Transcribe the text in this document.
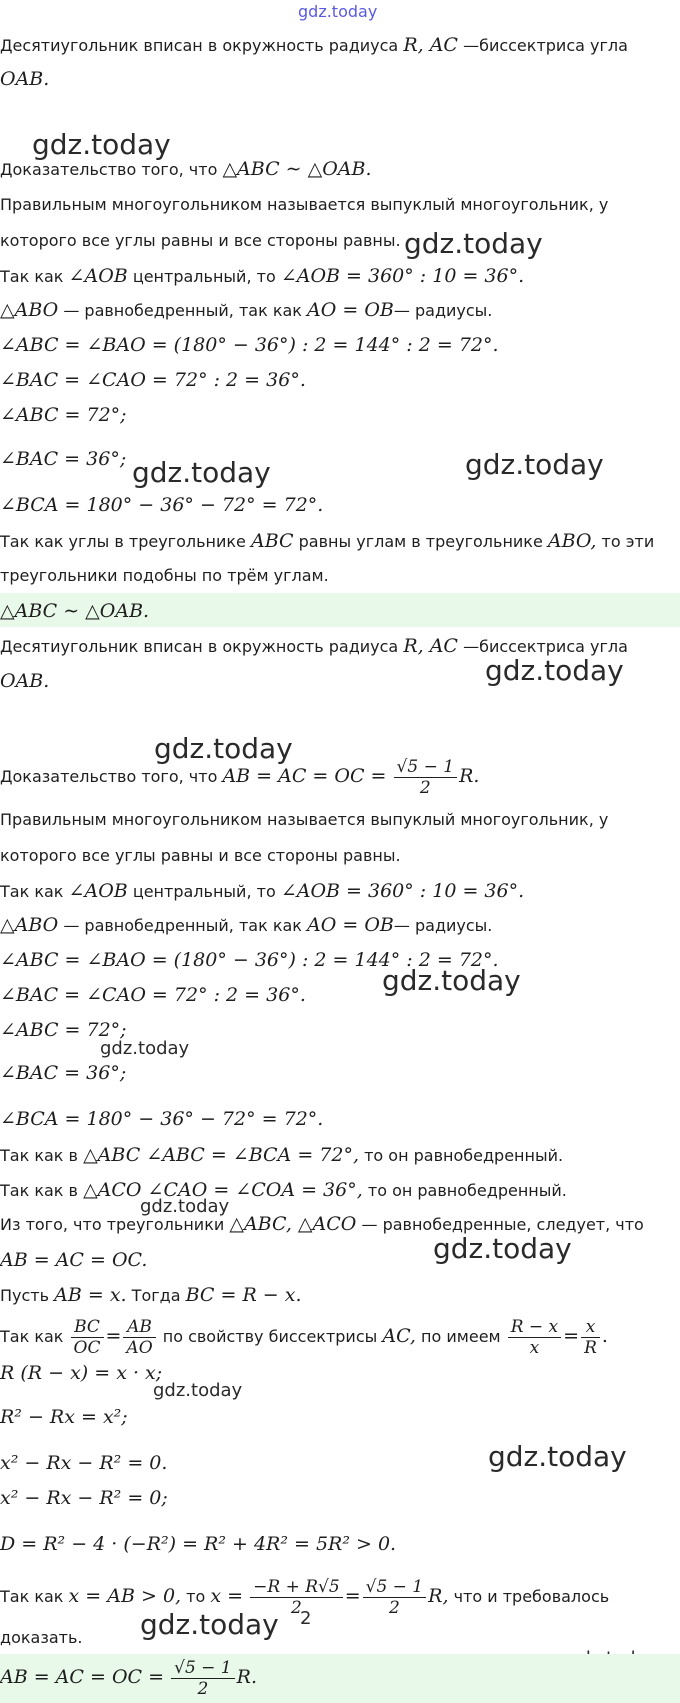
gdz.today
gdz.today
gdz.today
gdz.today	gdz.today
gdz.today
gdz.today
gdz.today
gdz.today
gdz.today
gdz.today
gdz.today
gdz.today
gdz.today 2
Десятиугольник вписан в окружность радиуса R, AC —биссектриса угла
OAB.
Доказательство того, что △ABC ∼ △OAB.
Правильным многоугольником называется выпуклый многоугольник, у
которого все углы равны и все стороны равны.
Так как ∠AOB центральный, то ∠AOB = 360° : 10 = 36°.
△ABO — равнобедренный, так как AO = OB— радиусы.
∠ABC = ∠BAO = (180° − 36°) : 2 = 144° : 2 = 72°.
∠BAC = ∠CAO = 72° : 2 = 36°.
∠ABC = 72°;
∠BAC = 36°;
∠BCA = 180° − 36° − 72° = 72°.
Так как углы в треугольнике ABC равны углам в треугольнике ABO, то эти
треугольники подобны по трём углам.
△ABC ∼ △OAB.
Десятиугольник вписан в окружность радиуса R, AC —биссектриса угла
OAB.
Доказательство того, что AB = AC = OC = $\frac{√5 - 1}{2} R$.
Правильным многоугольником называется выпуклый многоугольник, у
которого все углы равны и все стороны равны.
Так как ∠AOB центральный, то ∠AOB = 360° : 10 = 36°.
△ABO — равнобедренный, так как AO = OB— радиусы.
∠ABC = ∠BAO = (180° − 36°) : 2 = 144° : 2 = 72°.
∠BAC = ∠CAO = 72° : 2 = 36°.
∠ABC = 72°;
∠BAC = 36°;
∠BCA = 180° − 36° − 72° = 72°.
Так как в △ABC ∠ABC = ∠BCA = 72°, то он равнобедренный.
Так как в △ACO ∠CAO = ∠COA = 36°, то он равнобедренный.
Из того, что треугольники △ABC, △ACO — равнобедренные, следует, что
AB = AC = OC.
Пусть AB = x. Тогда BC = R − x.
Так как $\frac{BC}{OC} = \frac{AB}{AO}$ по свойству биссектрисы AC, по имеем $\frac{R - x}{x} = \frac{x}{R}$ .
R (R − x) = x · x;
R² − Rx = x²;
x² − Rx − R² = 0.
x² − Rx − R² = 0;
D = R² − 4 · (−R²) = R² + 4R² = 5R² > 0.
Так как x = AB > 0, то $x = \frac{-R + R√5}{2} = \frac{√5 - 1}{2} R$, что и требовалось
доказать.
AB = AC = OC = $\frac{√5 - 1}{2} R$.
